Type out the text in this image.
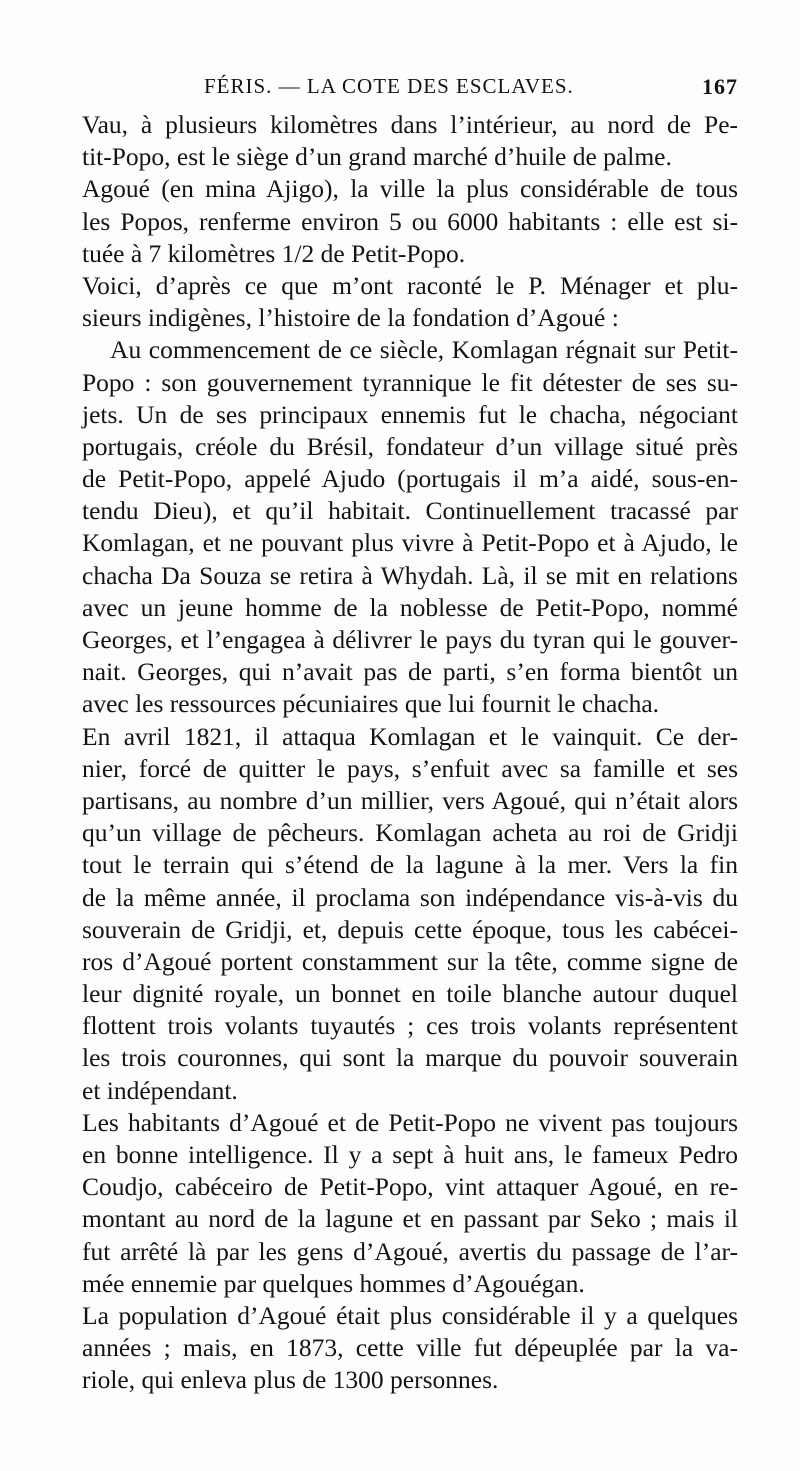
FÉRIS. — LA COTE DES ESCLAVES.	167

Vau, à plusieurs kilomètres dans l’intérieur, au nord de Pe-
tit-Popo, est le siège d’un grand marché d’huile de palme.

Agoué (en mina Ajigo), la ville la plus considérable de tous
les Popos, renferme environ 5 ou 6000 habitants : elle est si-
tuée à 7 kilomètres 1/2 de Petit-Popo.

Voici, d’après ce que m’ont raconté le P. Ménager et plu-
sieurs indigènes, l’histoire de la fondation d’Agoué :

Au commencement de ce siècle, Komlagan régnait sur Petit-
Popo : son gouvernement tyrannique le fit détester de ses su-
jets. Un de ses principaux ennemis fut le chacha, négociant
portugais, créole du Brésil, fondateur d’un village situé près
de Petit-Popo, appelé Ajudo (portugais il m’a aidé, sous-en-
tendu Dieu), et qu’il habitait. Continuellement tracassé par
Komlagan, et ne pouvant plus vivre à Petit-Popo et à Ajudo, le
chacha Da Souza se retira à Whydah. Là, il se mit en relations
avec un jeune homme de la noblesse de Petit-Popo, nommé
Georges, et l’engagea à délivrer le pays du tyran qui le gouver-
nait. Georges, qui n’avait pas de parti, s’en forma bientôt un
avec les ressources pécuniaires que lui fournit le chacha.

En avril 1821, il attaqua Komlagan et le vainquit. Ce der-
nier, forcé de quitter le pays, s’enfuit avec sa famille et ses
partisans, au nombre d’un millier, vers Agoué, qui n’était alors
qu’un village de pêcheurs. Komlagan acheta au roi de Gridji
tout le terrain qui s’étend de la lagune à la mer. Vers la fin
de la même année, il proclama son indépendance vis-à-vis du
souverain de Gridji, et, depuis cette époque, tous les cabécei-
ros d’Agoué portent constamment sur la tête, comme signe de
leur dignité royale, un bonnet en toile blanche autour duquel
flottent trois volants tuyautés ; ces trois volants représentent
les trois couronnes, qui sont la marque du pouvoir souverain
et indépendant.

Les habitants d’Agoué et de Petit-Popo ne vivent pas toujours
en bonne intelligence. Il y a sept à huit ans, le fameux Pedro
Coudjo, cabéceiro de Petit-Popo, vint attaquer Agoué, en re-
montant au nord de la lagune et en passant par Seko ; mais il
fut arrêté là par les gens d’Agoué, avertis du passage de l’ar-
mée ennemie par quelques hommes d’Agouégan.

La population d’Agoué était plus considérable il y a quelques
années ; mais, en 1873, cette ville fut dépeuplée par la va-
riole, qui enleva plus de 1300 personnes.
